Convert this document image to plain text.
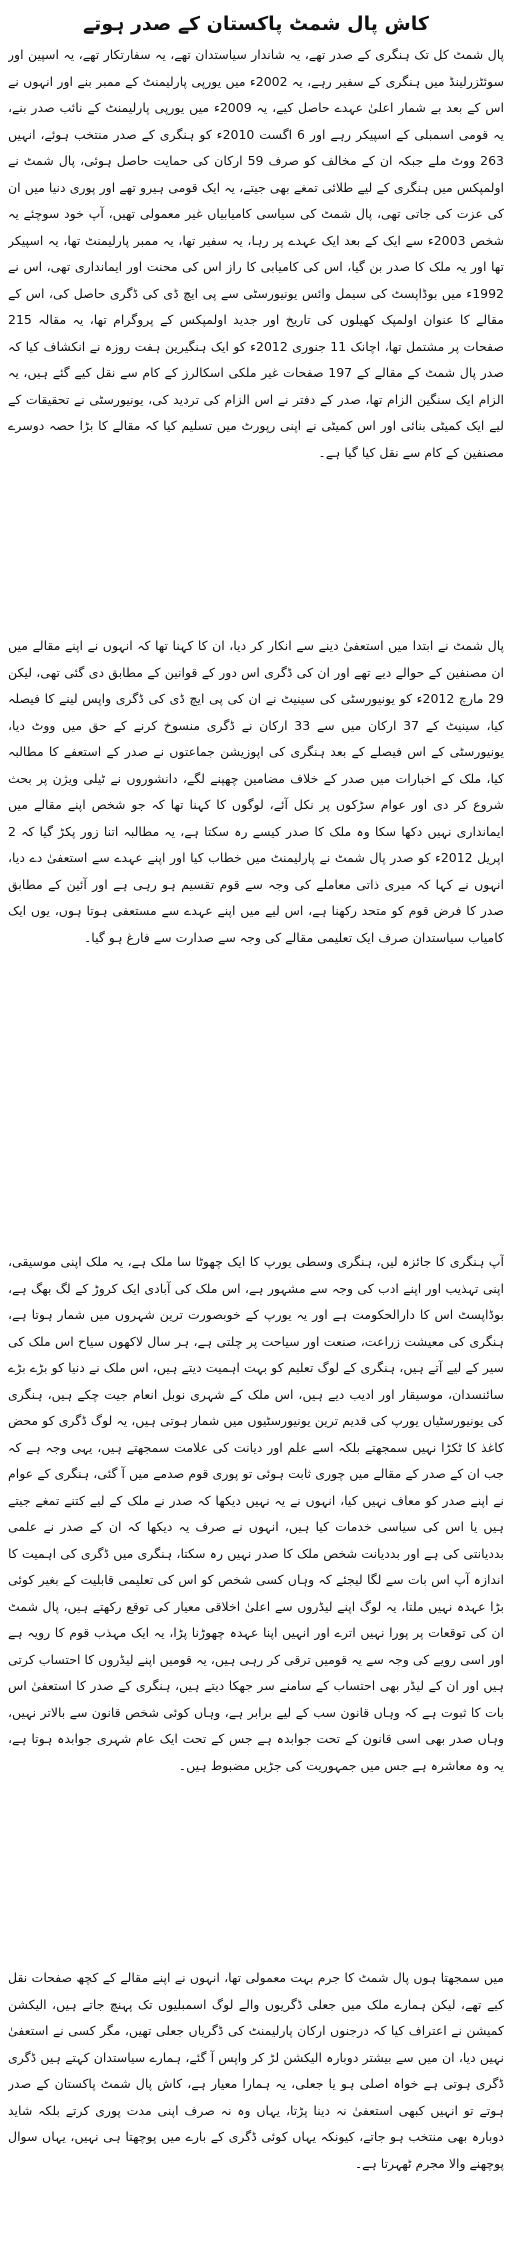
کاش پال شمٹ پاکستان کے صدر ہوتے

پال شمٹ کل تک ہنگری کے صدر تھے، یہ شاندار سیاستدان تھے، یہ سفارتکار تھے، یہ اسپین اور سوئٹزرلینڈ میں ہنگری کے سفیر رہے، یہ 2002ء میں یورپی پارلیمنٹ کے ممبر بنے اور انہوں نے اس کے بعد بے شمار اعلیٰ عہدے حاصل کیے، یہ 2009ء میں یورپی پارلیمنٹ کے نائب صدر بنے، یہ قومی اسمبلی کے اسپیکر رہے اور 6 اگست 2010ء کو ہنگری کے صدر منتخب ہوئے، انہیں 263 ووٹ ملے جبکہ ان کے مخالف کو صرف 59 ارکان کی حمایت حاصل ہوئی، پال شمٹ نے اولمپکس میں ہنگری کے لیے طلائی تمغے بھی جیتے، یہ ایک قومی ہیرو تھے اور پوری دنیا میں ان کی عزت کی جاتی تھی، پال شمٹ کی سیاسی کامیابیاں غیر معمولی تھیں، آپ خود سوچئے یہ شخص 2003ء سے ایک کے بعد ایک عہدے پر رہا، یہ سفیر تھا، یہ ممبر پارلیمنٹ تھا، یہ اسپیکر تھا اور یہ ملک کا صدر بن گیا، اس کی کامیابی کا راز اس کی محنت اور ایمانداری تھی، اس نے 1992ء میں بوڈاپسٹ کی سیمل وائس یونیورسٹی سے پی ایچ ڈی کی ڈگری حاصل کی، اس کے مقالے کا عنوان اولمپک کھیلوں کی تاریخ اور جدید اولمپکس کے پروگرام تھا، یہ مقالہ 215 صفحات پر مشتمل تھا، اچانک 11 جنوری 2012ء کو ایک ہنگیرین ہفت روزہ نے انکشاف کیا کہ صدر پال شمٹ کے مقالے کے 197 صفحات غیر ملکی اسکالرز کے کام سے نقل کیے گئے ہیں، یہ الزام ایک سنگین الزام تھا، صدر کے دفتر نے اس الزام کی تردید کی، یونیورسٹی نے تحقیقات کے لیے ایک کمیٹی بنائی اور اس کمیٹی نے اپنی رپورٹ میں تسلیم کیا کہ مقالے کا بڑا حصہ دوسرے مصنفین کے کام سے نقل کیا گیا ہے۔

پال شمٹ نے ابتدا میں استعفیٰ دینے سے انکار کر دیا، ان کا کہنا تھا کہ انہوں نے اپنے مقالے میں ان مصنفین کے حوالے دیے تھے اور ان کی ڈگری اس دور کے قوانین کے مطابق دی گئی تھی، لیکن 29 مارچ 2012ء کو یونیورسٹی کی سینیٹ نے ان کی پی ایچ ڈی کی ڈگری واپس لینے کا فیصلہ کیا، سینیٹ کے 37 ارکان میں سے 33 ارکان نے ڈگری منسوخ کرنے کے حق میں ووٹ دیا، یونیورسٹی کے اس فیصلے کے بعد ہنگری کی اپوزیشن جماعتوں نے صدر کے استعفے کا مطالبہ کیا، ملک کے اخبارات میں صدر کے خلاف مضامین چھپنے لگے، دانشوروں نے ٹیلی ویژن پر بحث شروع کر دی اور عوام سڑکوں پر نکل آئے، لوگوں کا کہنا تھا کہ جو شخص اپنے مقالے میں ایمانداری نہیں دکھا سکا وہ ملک کا صدر کیسے رہ سکتا ہے، یہ مطالبہ اتنا زور پکڑ گیا کہ 2 اپریل 2012ء کو صدر پال شمٹ نے پارلیمنٹ میں خطاب کیا اور اپنے عہدے سے استعفیٰ دے دیا، انہوں نے کہا کہ میری ذاتی معاملے کی وجہ سے قوم تقسیم ہو رہی ہے اور آئین کے مطابق صدر کا فرض قوم کو متحد رکھنا ہے، اس لیے میں اپنے عہدے سے مستعفی ہوتا ہوں، یوں ایک کامیاب سیاستدان صرف ایک تعلیمی مقالے کی وجہ سے صدارت سے فارغ ہو گیا۔

آپ ہنگری کا جائزہ لیں، ہنگری وسطی یورپ کا ایک چھوٹا سا ملک ہے، یہ ملک اپنی موسیقی، اپنی تہذیب اور اپنے ادب کی وجہ سے مشہور ہے، اس ملک کی آبادی ایک کروڑ کے لگ بھگ ہے، بوڈاپسٹ اس کا دارالحکومت ہے اور یہ یورپ کے خوبصورت ترین شہروں میں شمار ہوتا ہے، ہنگری کی معیشت زراعت، صنعت اور سیاحت پر چلتی ہے، ہر سال لاکھوں سیاح اس ملک کی سیر کے لیے آتے ہیں، ہنگری کے لوگ تعلیم کو بہت اہمیت دیتے ہیں، اس ملک نے دنیا کو بڑے بڑے سائنسدان، موسیقار اور ادیب دیے ہیں، اس ملک کے شہری نوبل انعام جیت چکے ہیں، ہنگری کی یونیورسٹیاں یورپ کی قدیم ترین یونیورسٹیوں میں شمار ہوتی ہیں، یہ لوگ ڈگری کو محض کاغذ کا ٹکڑا نہیں سمجھتے بلکہ اسے علم اور دیانت کی علامت سمجھتے ہیں، یہی وجہ ہے کہ جب ان کے صدر کے مقالے میں چوری ثابت ہوئی تو پوری قوم صدمے میں آ گئی، ہنگری کے عوام نے اپنے صدر کو معاف نہیں کیا، انہوں نے یہ نہیں دیکھا کہ صدر نے ملک کے لیے کتنے تمغے جیتے ہیں یا اس کی سیاسی خدمات کیا ہیں، انہوں نے صرف یہ دیکھا کہ ان کے صدر نے علمی بددیانتی کی ہے اور بددیانت شخص ملک کا صدر نہیں رہ سکتا، ہنگری میں ڈگری کی اہمیت کا اندازہ آپ اس بات سے لگا لیجئے کہ وہاں کسی شخص کو اس کی تعلیمی قابلیت کے بغیر کوئی بڑا عہدہ نہیں ملتا، یہ لوگ اپنے لیڈروں سے اعلیٰ اخلاقی معیار کی توقع رکھتے ہیں، پال شمٹ ان کی توقعات پر پورا نہیں اترے اور انہیں اپنا عہدہ چھوڑنا پڑا، یہ ایک مہذب قوم کا رویہ ہے اور اسی رویے کی وجہ سے یہ قومیں ترقی کر رہی ہیں، یہ قومیں اپنے لیڈروں کا احتساب کرتی ہیں اور ان کے لیڈر بھی احتساب کے سامنے سر جھکا دیتے ہیں، ہنگری کے صدر کا استعفیٰ اس بات کا ثبوت ہے کہ وہاں قانون سب کے لیے برابر ہے، وہاں کوئی شخص قانون سے بالاتر نہیں، وہاں صدر بھی اسی قانون کے تحت جوابدہ ہے جس کے تحت ایک عام شہری جوابدہ ہوتا ہے، یہ وہ معاشرہ ہے جس میں جمہوریت کی جڑیں مضبوط ہیں۔

میں سمجھتا ہوں پال شمٹ کا جرم بہت معمولی تھا، انہوں نے اپنے مقالے کے کچھ صفحات نقل کیے تھے، لیکن ہمارے ملک میں جعلی ڈگریوں والے لوگ اسمبلیوں تک پہنچ جاتے ہیں، الیکشن کمیشن نے اعتراف کیا کہ درجنوں ارکان پارلیمنٹ کی ڈگریاں جعلی تھیں، مگر کسی نے استعفیٰ نہیں دیا، ان میں سے بیشتر دوبارہ الیکشن لڑ کر واپس آ گئے، ہمارے سیاستدان کہتے ہیں ڈگری ڈگری ہوتی ہے خواہ اصلی ہو یا جعلی، یہ ہمارا معیار ہے، کاش پال شمٹ پاکستان کے صدر ہوتے تو انہیں کبھی استعفیٰ نہ دینا پڑتا، یہاں وہ نہ صرف اپنی مدت پوری کرتے بلکہ شاید دوبارہ بھی منتخب ہو جاتے، کیونکہ یہاں کوئی ڈگری کے بارے میں پوچھتا ہی نہیں، یہاں سوال پوچھنے والا مجرم ٹھہرتا ہے۔
